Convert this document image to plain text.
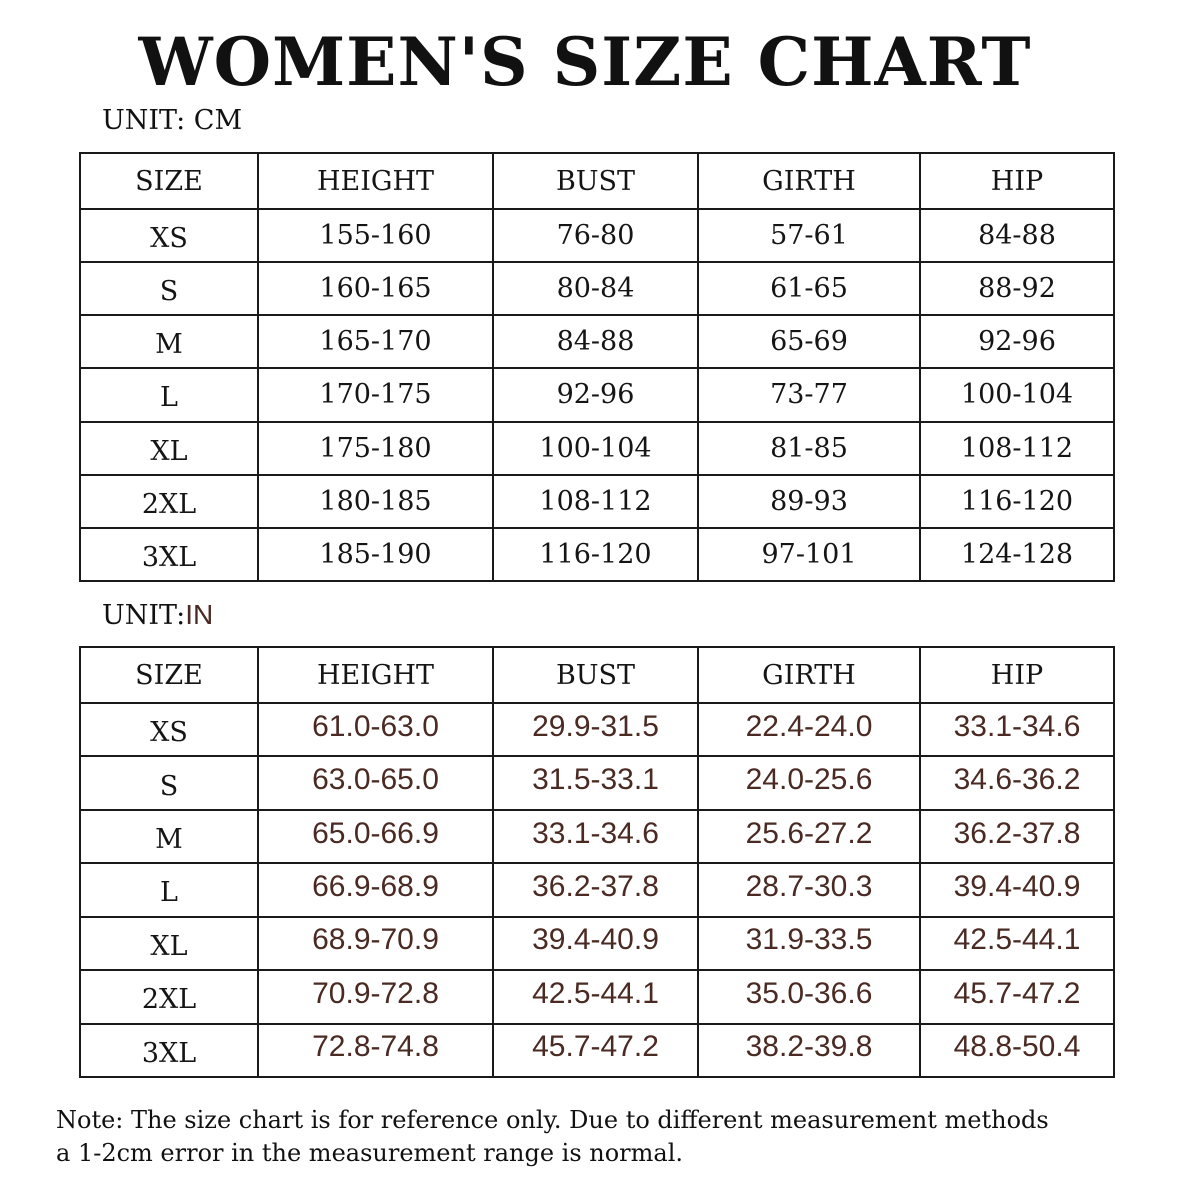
WOMEN'S SIZE CHART
UNIT: CM
SIZE	HEIGHT	BUST	GIRTH	HIP
XS	155-160	76-80	57-61	84-88
S	160-165	80-84	61-65	88-92
M	165-170	84-88	65-69	92-96
L	170-175	92-96	73-77	100-104
XL	175-180	100-104	81-85	108-112
2XL	180-185	108-112	89-93	116-120
3XL	185-190	116-120	97-101	124-128
UNIT:IN
SIZE	HEIGHT	BUST	GIRTH	HIP
XS	61.0-63.0	29.9-31.5	22.4-24.0	33.1-34.6
S	63.0-65.0	31.5-33.1	24.0-25.6	34.6-36.2
M	65.0-66.9	33.1-34.6	25.6-27.2	36.2-37.8
L	66.9-68.9	36.2-37.8	28.7-30.3	39.4-40.9
XL	68.9-70.9	39.4-40.9	31.9-33.5	42.5-44.1
2XL	70.9-72.8	42.5-44.1	35.0-36.6	45.7-47.2
3XL	72.8-74.8	45.7-47.2	38.2-39.8	48.8-50.4
Note: The size chart is for reference only. Due to different measurement methods
a 1-2cm error in the measurement range is normal.
